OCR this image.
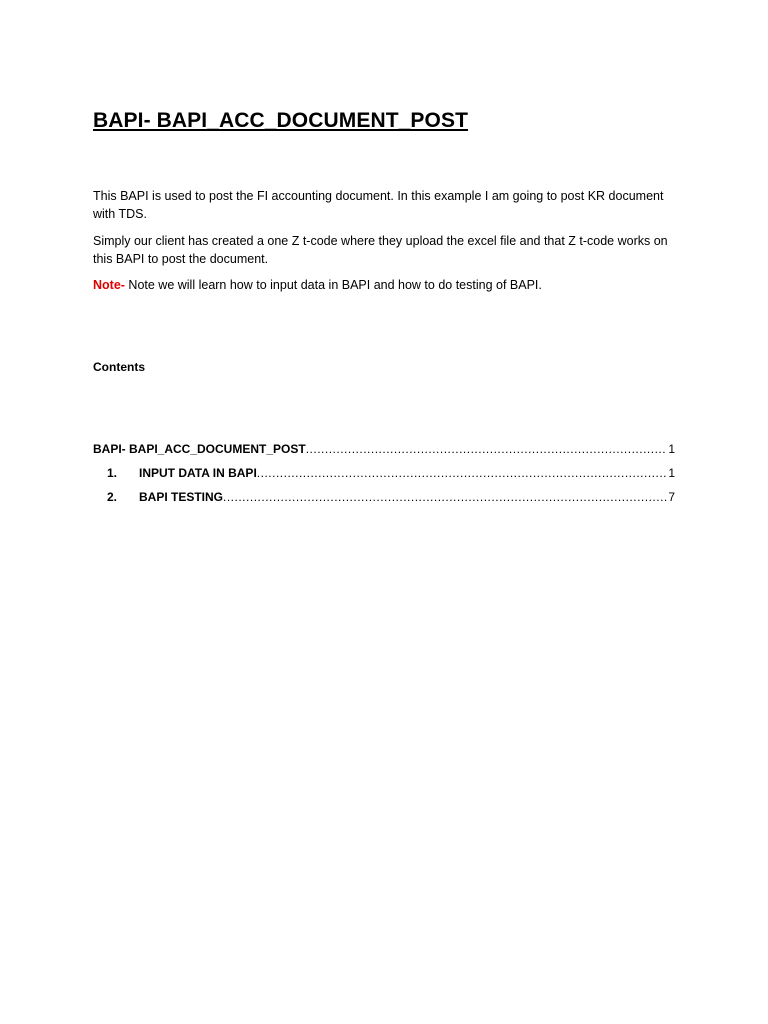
BAPI- BAPI_ACC_DOCUMENT_POST

This BAPI is used to post the FI accounting document. In this example I am going to post KR document with TDS.

Simply our client has created a one Z t-code where they upload the excel file and that Z t-code works on this BAPI to post the document.

Note- Note we will learn how to input data in BAPI and how to do testing of BAPI.

Contents
BAPI- BAPI_ACC_DOCUMENT_POST .....	1
1.	INPUT DATA IN BAPI .....	1
2.	BAPI TESTING .....	7
